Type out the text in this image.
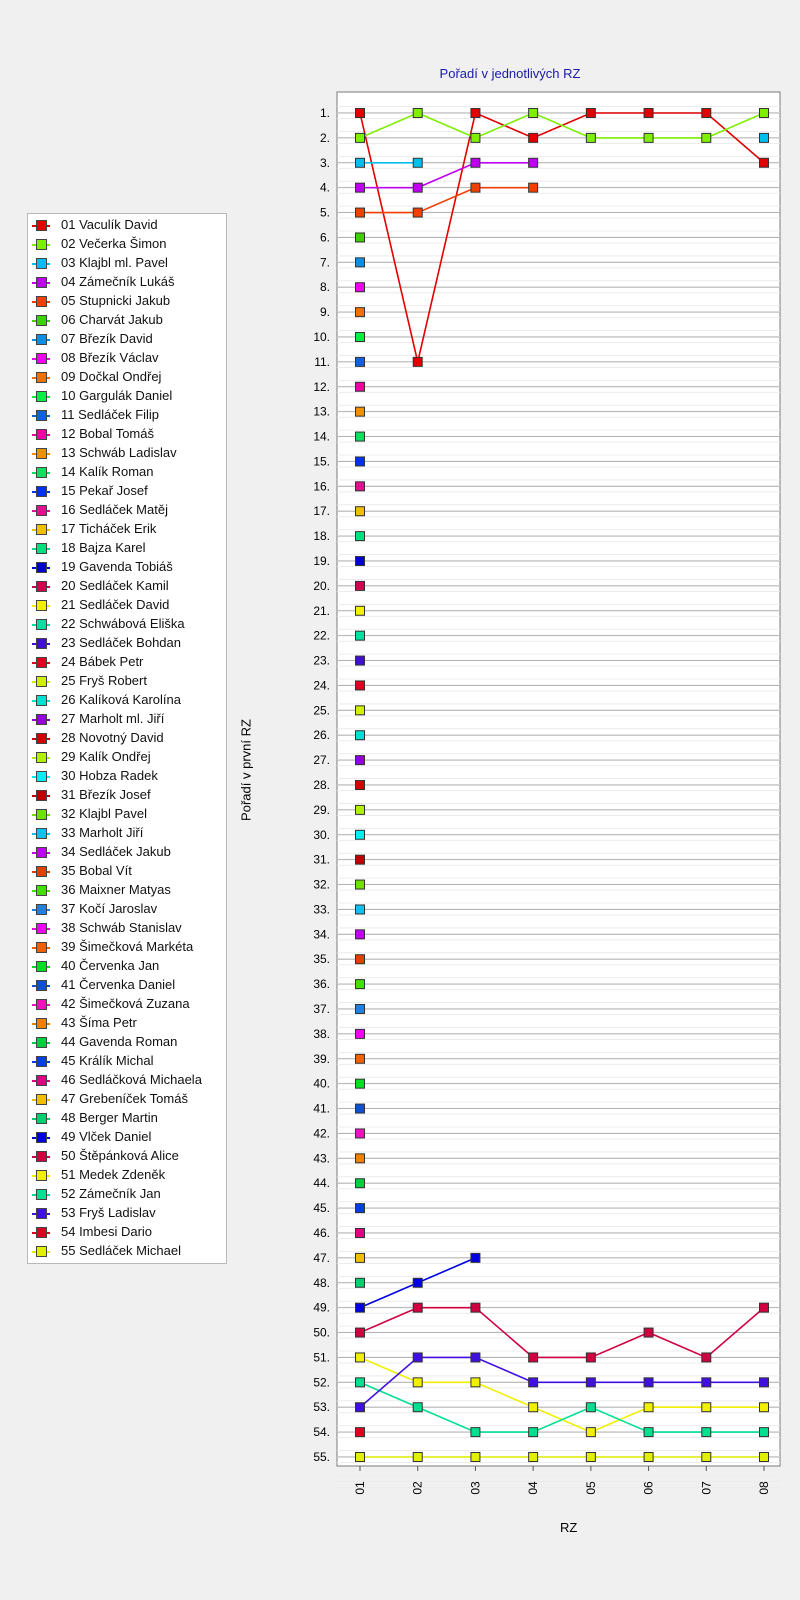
Pořadí v jednotlivých RZ
01 Vaculík David
02 Večerka Šimon
03 Klajbl ml. Pavel
04 Zámečník Lukáš
05 Stupnicki Jakub
06 Charvát Jakub
07 Březík David
08 Březík Václav
09 Dočkal Ondřej
10 Gargulák Daniel
11 Sedláček Filip
12 Bobal Tomáš
13 Schwáb Ladislav
14 Kalík Roman
15 Pekař Josef
16 Sedláček Matěj
17 Ticháček Erik
18 Bajza Karel
19 Gavenda Tobiáš
20 Sedláček Kamil
21 Sedláček David
22 Schwábová Eliška
23 Sedláček Bohdan
24 Bábek Petr
25 Fryš Robert
26 Kalíková Karolína
27 Marholt ml. Jiří
28 Novotný David
29 Kalík Ondřej
30 Hobza Radek
31 Březík Josef
32 Klajbl Pavel
33 Marholt Jiří
34 Sedláček Jakub
35 Bobal Vít
36 Maixner Matyas
37 Kočí Jaroslav
38 Schwáb Stanislav
39 Šimečková Markéta
40 Červenka Jan
41 Červenka Daniel
42 Šimečková Zuzana
43 Šíma Petr
44 Gavenda Roman
45 Králík Michal
46 Sedláčková Michaela
47 Grebeníček Tomáš
48 Berger Martin
49 Vlček Daniel
50 Štěpánková Alice
51 Medek Zdeněk
52 Zámečník Jan
53 Fryš Ladislav
54 Imbesi Dario
55 Sedláček Michael
Pořadí v první RZ
RZ
1.
2.
3.
4.
5.
6.
7.
8.
9.
10.
11.
12.
13.
14.
15.
16.
17.
18.
19.
20.
21.
22.
23.
24.
25.
26.
27.
28.
29.
30.
31.
32.
33.
34.
35.
36.
37.
38.
39.
40.
41.
42.
43.
44.
45.
46.
47.
48.
49.
50.
51.
52.
53.
54.
55.
01	02	03	04	05	06	07	08
